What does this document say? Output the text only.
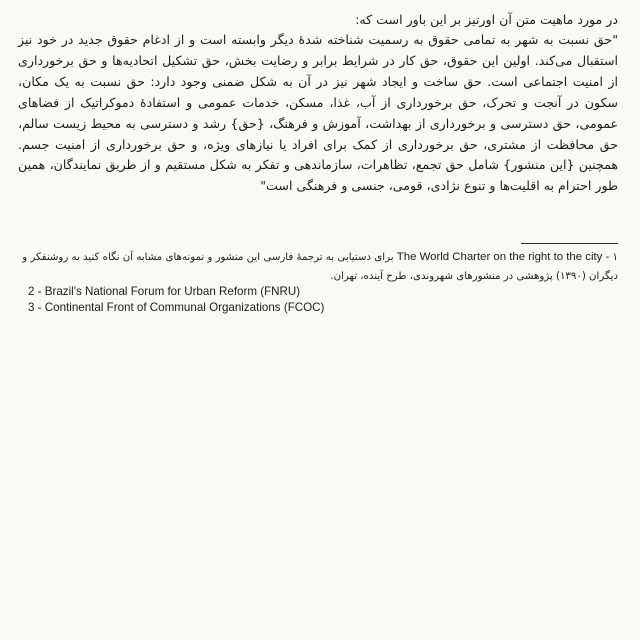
در مورد ماهیت متن آن اورتیز بر این باور است که:

"حق نسبت به شهر به تمامی حقوق به رسمیت شناخته شدۀ دیگر وابسته است و از ادغام حقوق جدید در خود نیز استقبال می‌کند. اولین این حقوق، حق کار در شرایط برابر و رضایت بخش، حق تشکیل اتحادیه‌ها و حق برخورداری از امنیت اجتماعی است. حق ساخت و ایجاد شهر نیز در آن به شکل ضمنی وجود دارد: حق نسبت به یک مکان، سکون در آنجت و تحرک، حق برخورداری از آب، غذا، مسکن، خدمات عمومی و استفادۀ دموکراتیک از فضاهای عمومی، حق دسترسی و برخورداری از بهداشت، آموزش و فرهنگ، {حق} رشد و دسترسی به محیط زیست سالم، حق محافظت از مشتری، حق برخورداری از کمک برای افراد یا نیازهای ویژه، و حق برخورداری از امنیت جسم. همچنین {این منشور} شامل حق تجمع، تظاهرات، سازماندهی و تفکر به شکل مستقیم و از طریق نمایندگان، همین طور احترام به اقلیت‌ها و تنوع نژادی، قومی، جنسی و فرهنگی است"

۱ - The World Charter on the right to the city برای دستیابی به ترجمۀ فارسی این منشور و نمونه‌های مشابه آن نگاه کنید به روشنفکر و دیگران (۱۳۹۰) پژوهشی در منشورهای شهروندی، طرح آینده، تهران.
2 - Brazil's National Forum for Urban Reform (FNRU)
3 - Continental Front of Communal Organizations (FCOC)
